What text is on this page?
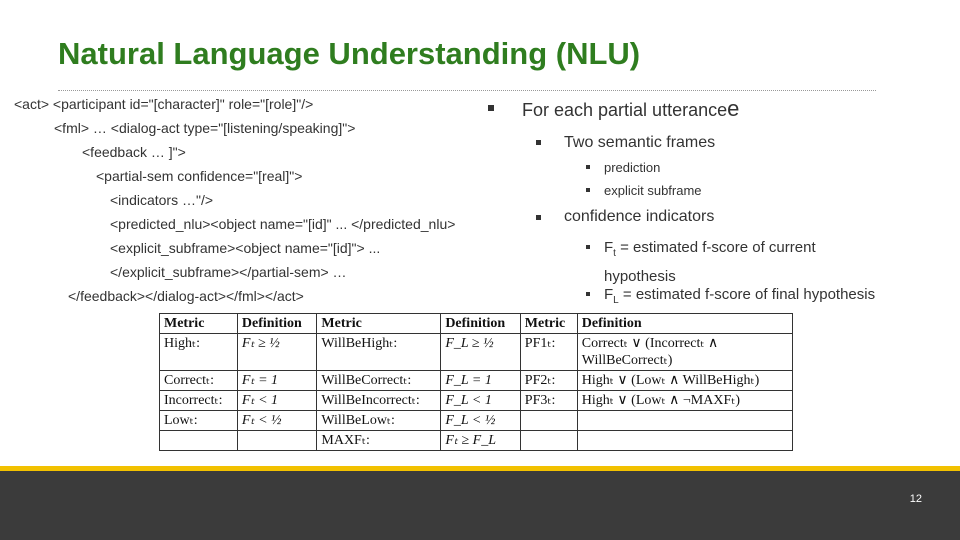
Natural Language Understanding (NLU)
<act> <participant id="[character]" role="[role]"/>
<fml> … <dialog-act type="[listening/speaking]">
<feedback … ]">
<partial-sem confidence="[real]">
<indicators …"/>
<predicted_nlu><object name="[id]" ... </predicted_nlu>
<explicit_subframe><object name="[id]"> ...
</explicit_subframe></partial-sem> …
</feedback></dialog-act></fml></act>
For each partial utterancee
Two semantic frames
prediction
explicit subframe
confidence indicators
$F_t$ = estimated f-score of current
hypothesis
$F_L$ = estimated f-score of final hypothesis
Metric	Definition	Metric	Definition	Metric	Definition
Highₜ:	Fₜ ≥ ½	WillBeHighₜ:	F_L ≥ ½	PF1ₜ:	Correctₜ ∨ (Incorrectₜ ∧
WillBeCorrectₜ)
Correctₜ:	Fₜ = 1	WillBeCorrectₜ:	F_L = 1	PF2ₜ:	Highₜ ∨ (Lowₜ ∧ WillBeHighₜ)
Incorrectₜ:	Fₜ < 1	WillBeIncorrectₜ:	F_L < 1	PF3ₜ:	Highₜ ∨ (Lowₜ ∧ ¬MAXFₜ)
Lowₜ:	Fₜ < ½	WillBeLowₜ:	F_L < ½		
		MAXFₜ:	Fₜ ≥ F_L		
12
